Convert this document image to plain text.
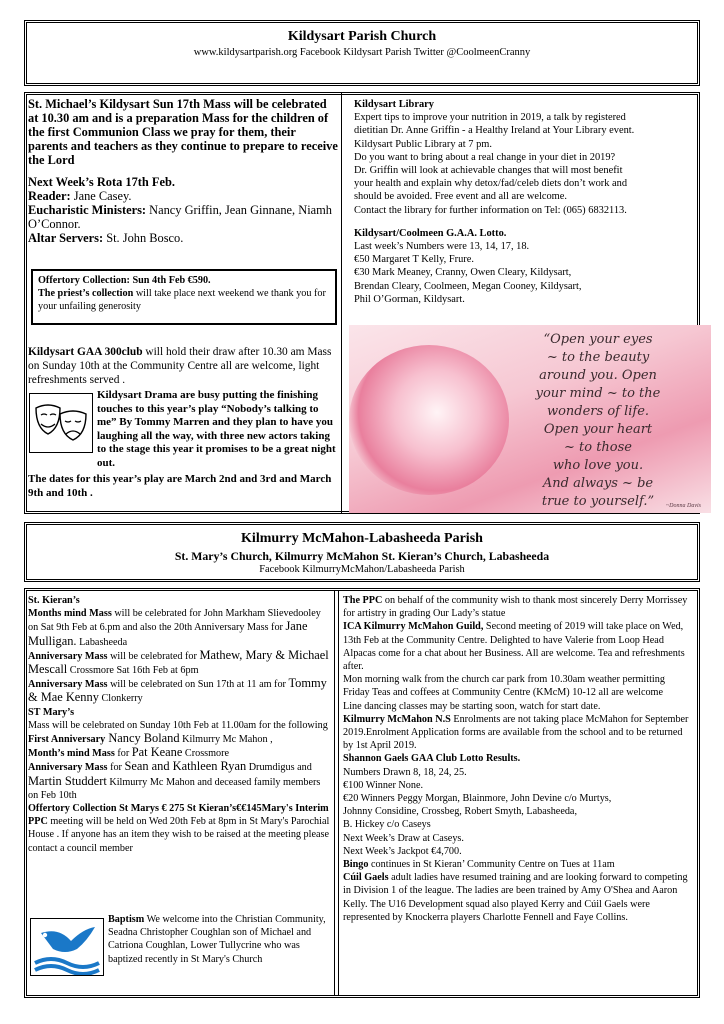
Kildysart Parish Church
www.kildysartparish.org Facebook Kildysart Parish Twitter @CoolmeenCranny

St. Michael’s Kildysart Sun 17th Mass will be celebrated at 10.30 am and is a preparation Mass for the children of the first Communion Class we pray for them, their parents and teachers as they continue to prepare to receive the Lord

Next Week’s Rota 17th Feb.

Reader: Jane Casey.

Eucharistic Ministers: Nancy Griffin, Jean Ginnane, Niamh O’Connor.

Altar Servers: St. John Bosco.

Offertory Collection: Sun 4th Feb €590.

The priest’s collection will take place next weekend we thank you for your unfailing generosity

Kildysart GAA 300club will hold their draw after 10.30 am Mass on Sunday 10th at the Community Centre all are welcome, light refreshments served .
Kildysart Drama are busy putting the finishing touches to this year’s play “Nobody’s talking to me” By Tommy Marren and they plan to have you laughing all the way, with three new actors taking to the stage this year it promises to be a great night out.
The dates for this year’s play are March 2nd and 3rd and March 9th and 10th .

Kildysart Library

Expert tips to improve your nutrition in 2019, a talk by registered

dietitian Dr. Anne Griffin - a Healthy Ireland at Your Library event.

Kildysart Public Library at 7 pm.

Do you want to bring about a real change in your diet in 2019?

Dr. Griffin will look at achievable changes that will most benefit

your health and explain why detox/fad/celeb diets don’t work and

should be avoided. Free event and all are welcome.

Contact the library for further information on Tel: (065) 6832113.

Kildysart/Coolmeen G.A.A. Lotto.

Last week’s Numbers were 13, 14, 17, 18.

€50 Margaret T Kelly, Frure.

€30 Mark Meaney, Cranny, Owen Cleary, Kildysart,

Brendan Cleary, Coolmeen, Megan Cooney, Kildysart,

Phil O’Gorman, Kildysart.

“Open your eyes
~ to the beauty
around you. Open
your mind ~ to the
wonders of life.
Open your heart
~ to those
who love you.
And always ~ be
true to yourself.”	~Donna Davis
Kilmurry McMahon-Labasheeda Parish
St. Mary’s Church, Kilmurry McMahon St. Kieran’s Church, Labasheeda
Facebook KilmurryMcMahon/Labasheeda Parish

St. Kieran’s

Months mind Mass will be celebrated for John Markham Slievedooley on Sat 9th Feb at 6.pm and also the 20th Anniversary Mass for Jane Mulligan. Labasheeda

Anniversary Mass will be celebrated for Mathew, Mary & Michael Mescall Crossmore Sat 16th Feb at 6pm

Anniversary Mass will be celebrated on Sun 17th at 11 am for Tommy & Mae Kenny Clonkerry

ST Mary’s

Mass will be celebrated on Sunday 10th Feb at 11.00am for the following

First Anniversary Nancy Boland Kilmurry Mc Mahon ,

Month’s mind Mass for Pat Keane Crossmore

Anniversary Mass for Sean and Kathleen Ryan Drumdigus and Martin Studdert Kilmurry Mc Mahon and deceased family members on Feb 10th

Offertory Collection St Marys € 275 St Kieran’s€€145Mary's Interim PPC meeting will be held on Wed 20th Feb at 8pm in St Mary's Parochial House . If anyone has an item they wish to be raised at the meeting please contact a council member

Baptism We welcome into the Christian Community, Seadna Christopher Coughlan son of Michael and Catriona Coughlan, Lower Tullycrine who was baptized recently in St Mary's Church

The PPC on behalf of the community wish to thank most sincerely Derry Morrissey for artistry in grading Our Lady’s statue

ICA Kilmurry McMahon Guild, Second meeting of 2019 will take place on Wed, 13th Feb at the Community Centre. Delighted to have Valerie from Loop Head Alpacas come for a chat about her Business. All are welcome. Tea and refreshments after.

Mon morning walk from the church car park from 10.30am weather permitting

Friday Teas and coffees at Community Centre (KMcM) 10-12 all are welcome

Line dancing classes may be starting soon, watch for start date.

Kilmurry McMahon N.S Enrolments are not taking place McMahon for September 2019.Enrolment Application forms are available from the school and to be returned by 1st April 2019.

Shannon Gaels GAA Club Lotto Results.

Numbers Drawn 8, 18, 24, 25.

€100 Winner None.

€20 Winners Peggy Morgan, Blainmore, John Devine c/o Murtys,

Johnny Considine, Crossbeg, Robert Smyth, Labasheeda,

B. Hickey c/o Caseys

Next Week’s Draw at Caseys.

Next Week’s Jackpot €4,700.

Bingo continues in St Kieran’ Community Centre on Tues at 11am

Cúil Gaels adult ladies have resumed training and are looking forward to competing in Division 1 of the league. The ladies are been trained by Amy O'Shea and Aaron Kelly. The U16 Development squad also played Kerry and Cúil Gaels were represented by Knockerra players Charlotte Fennell and Faye Collins.
